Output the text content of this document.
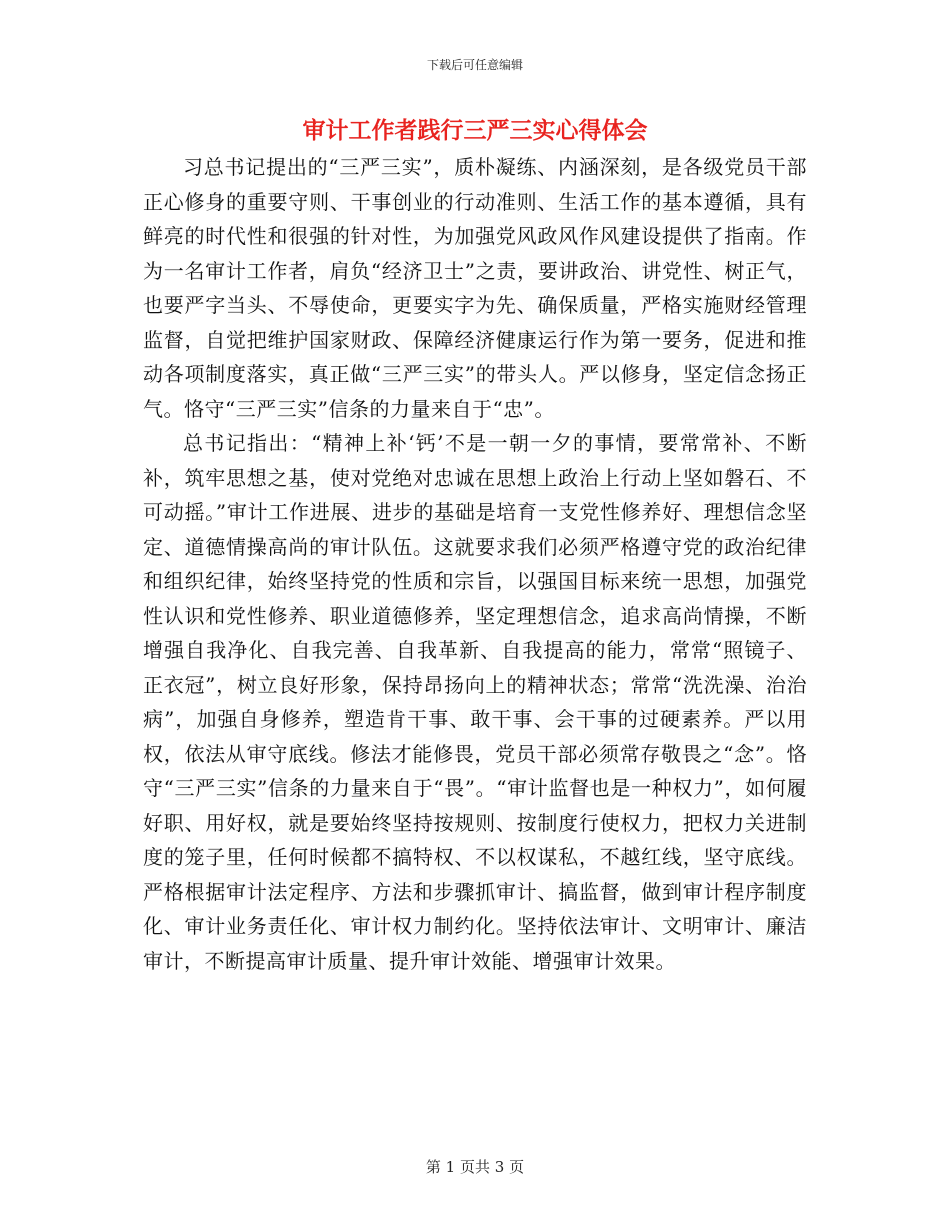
下载后可任意编辑
审计工作者践行三严三实心得体会

习总书记提出的“三严三实”，质朴凝练、内涵深刻，是各级党员干部正心修身的重要守则、干事创业的行动准则、生活工作的基本遵循，具有鲜亮的时代性和很强的针对性，为加强党风政风作风建设提供了指南。作为一名审计工作者，肩负“经济卫士”之责，要讲政治、讲党性、树正气，也要严字当头、不辱使命，更要实字为先、确保质量，严格实施财经管理监督，自觉把维护国家财政、保障经济健康运行作为第一要务，促进和推动各项制度落实，真正做“三严三实”的带头人。严以修身，坚定信念扬正气。恪守“三严三实”信条的力量来自于“忠”。

总书记指出：“精神上补‘钙’不是一朝一夕的事情，要常常补、不断补，筑牢思想之基，使对党绝对忠诚在思想上政治上行动上坚如磐石、不可动摇。”审计工作进展、进步的基础是培育一支党性修养好、理想信念坚定、道德情操高尚的审计队伍。这就要求我们必须严格遵守党的政治纪律和组织纪律，始终坚持党的性质和宗旨，以强国目标来统一思想，加强党性认识和党性修养、职业道德修养，坚定理想信念，追求高尚情操，不断增强自我净化、自我完善、自我革新、自我提高的能力，常常“照镜子、正衣冠”，树立良好形象，保持昂扬向上的精神状态；常常“洗洗澡、治治病”，加强自身修养，塑造肯干事、敢干事、会干事的过硬素养。严以用权，依法从审守底线。修法才能修畏，党员干部必须常存敬畏之“念”。恪守“三严三实”信条的力量来自于“畏”。“审计监督也是一种权力”，如何履好职、用好权，就是要始终坚持按规则、按制度行使权力，把权力关进制度的笼子里，任何时候都不搞特权、不以权谋私，不越红线，坚守底线。严格根据审计法定程序、方法和步骤抓审计、搞监督，做到审计程序制度化、审计业务责任化、审计权力制约化。坚持依法审计、文明审计、廉洁审计，不断提高审计质量、提升审计效能、增强审计效果。

第 1 页共 3 页
